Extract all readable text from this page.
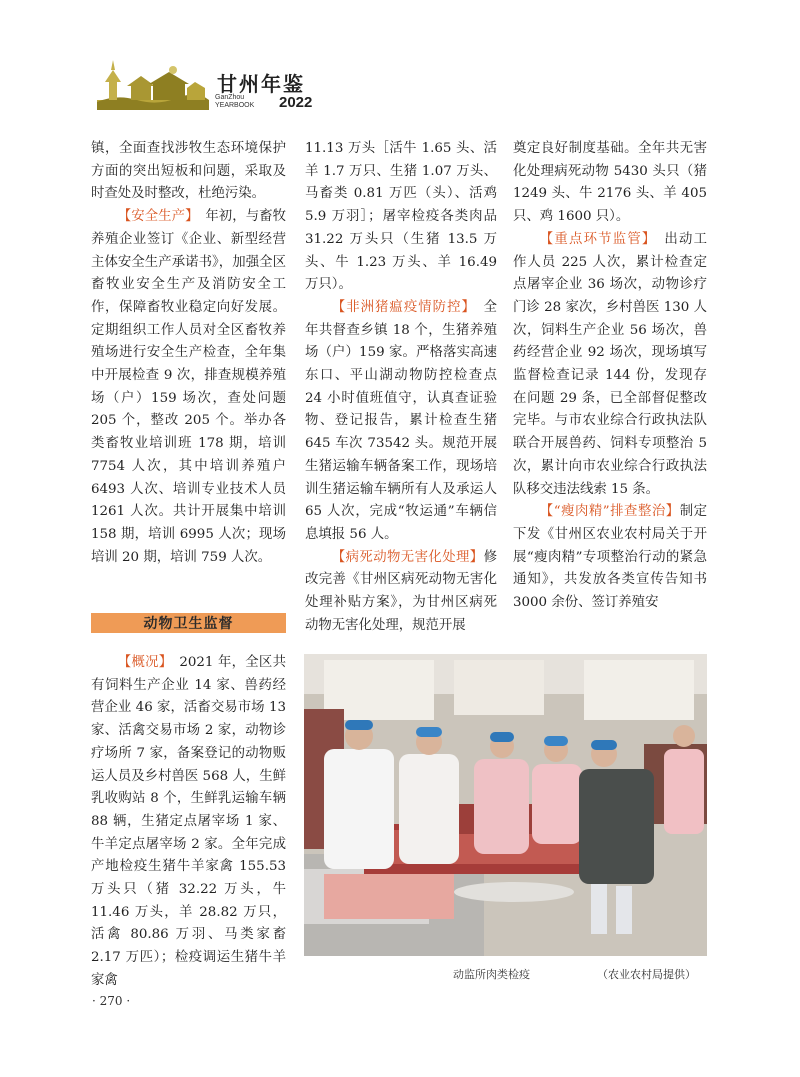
甘州年鉴
GanZhou
YEARBOOK 2022

镇，全面查找涉牧生态环境保护方面的突出短板和问题，采取及时查处及时整改，杜绝污染。

【安全生产】　年初，与畜牧养殖企业签订《企业、新型经营主体安全生产承诺书》，加强全区畜牧业安全生产及消防安全工作，保障畜牧业稳定向好发展。定期组织工作人员对全区畜牧养殖场进行安全生产检查，全年集中开展检查 9 次，排查规模养殖场（户）159 场次，查处问题 205 个，整改 205 个。举办各类畜牧业培训班 178 期，培训 7754 人次，其中培训养殖户 6493 人次、培训专业技术人员 1261 人次。共计开展集中培训 158 期，培训 6995 人次；现场培训 20 期，培训 759 人次。

动物卫生监督

【概况】　2021 年，全区共有饲料生产企业 14 家、兽药经营企业 46 家，活畜交易市场 13 家、活禽交易市场 2 家，动物诊疗场所 7 家，备案登记的动物贩运人员及乡村兽医 568 人，生鲜乳收购站 8 个，生鲜乳运输车辆 88 辆，生猪定点屠宰场 1 家、牛羊定点屠宰场 2 家。全年完成产地检疫生猪牛羊家禽 155.53 万头只（猪 32.22 万头，牛 11.46 万头，羊 28.82 万只，活禽 80.86 万羽、马类家畜 2.17 万匹）；检疫调运生猪牛羊家禽

11.13 万头［活牛 1.65 头、活羊 1.7 万只、生猪 1.07 万头、马畜类 0.81 万匹（头）、活鸡 5.9 万羽］；屠宰检疫各类肉品 31.22 万头只（生猪 13.5 万头、牛 1.23 万头、羊 16.49 万只）。

【非洲猪瘟疫情防控】　全年共督查乡镇 18 个，生猪养殖场（户）159 家。严格落实高速东口、平山湖动物防控检查点 24 小时值班值守，认真查证验物、登记报告，累计检查生猪 645 车次 73542 头。规范开展生猪运输车辆备案工作，现场培训生猪运输车辆所有人及承运人 65 人次，完成“牧运通”车辆信息填报 56 人。

【病死动物无害化处理】修改完善《甘州区病死动物无害化处理补贴方案》，为甘州区病死动物无害化处理，规范开展

奠定良好制度基础。全年共无害化处理病死动物 5430 头只（猪 1249 头、牛 2176 头、羊 405 只、鸡 1600 只）。

【重点环节监管】　出动工作人员 225 人次，累计检查定点屠宰企业 36 场次，动物诊疗门诊 28 家次，乡村兽医 130 人次，饲料生产企业 56 场次，兽药经营企业 92 场次，现场填写监督检查记录 144 份，发现存在问题 29 条，已全部督促整改完毕。与市农业综合行政执法队联合开展兽药、饲料专项整治 5 次，累计向市农业综合行政执法队移交违法线索 15 条。

【“瘦肉精”排查整治】制定下发《甘州区农业农村局关于开展“瘦肉精”专项整治行动的紧急通知》，共发放各类宣传告知书 3000 余份、签订养殖安

动监所肉类检疫	（农业农村局提供）
· 270 ·
